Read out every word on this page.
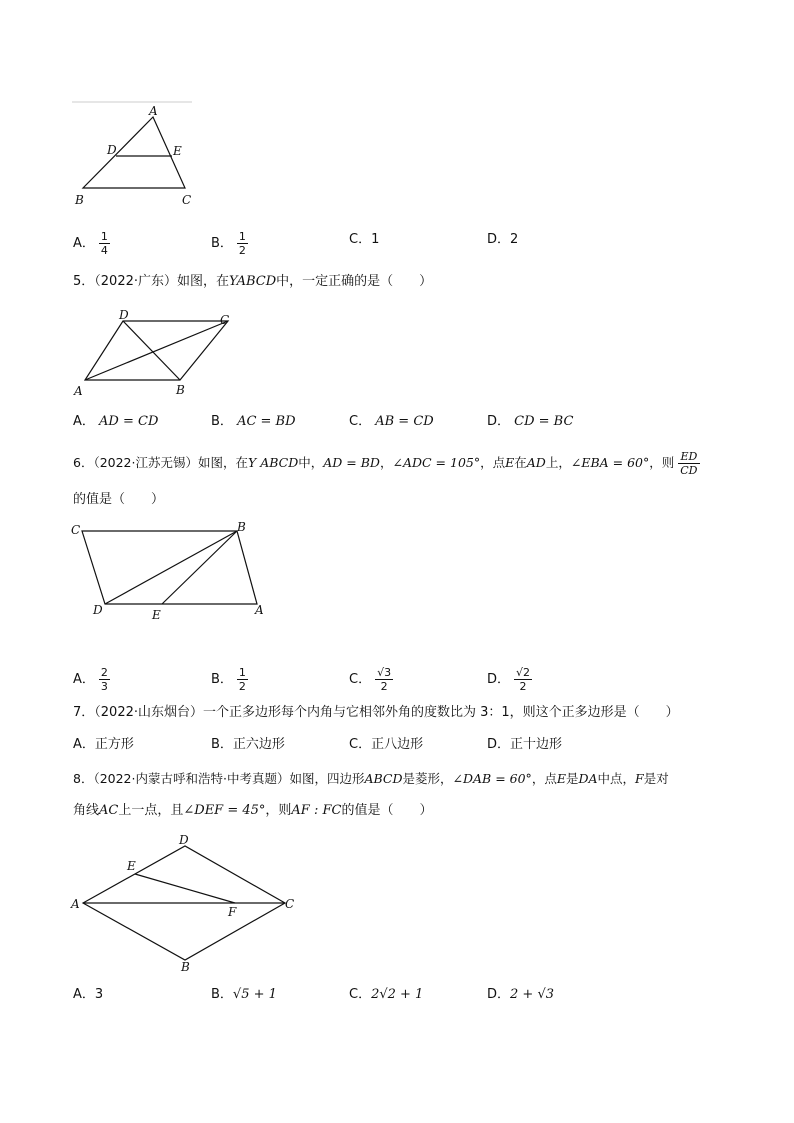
A
D	E
B	C
A． $\frac{1}{4}$	B． $\frac{1}{2}$	C．1	D．2
5．（2022·广东）如图，在YABCD中，一定正确的是（　　）
D	C
A	B
A． AD = CD	B． AC = BD	C． AB = CD	D． CD = BC
6．（2022·江苏无锡）如图，在Y ABCD中，AD = BD，∠ADC = 105°，点E在AD上，∠EBA = 60°，则 $\frac{ED}{CD}$
的值是（　　）
C	B
D	E	A
A． $\frac{2}{3}$	B． $\frac{1}{2}$	C． $\frac{√3}{2}$	D． $\frac{√2}{2}$
7．（2022·山东烟台）一个正多边形每个内角与它相邻外角的度数比为 3：1，则这个正多边形是（　　）
A．正方形	B．正六边形	C．正八边形	D．正十边形
8．（2022·内蒙古呼和浩特·中考真题）如图，四边形ABCD是菱形，∠DAB = 60°，点E是DA中点，F是对
角线AC上一点，且∠DEF = 45°，则AF : FC的值是（　　）
D
E
A
F
C
B
A．3	B．√5 + 1	C．2√2 + 1	D．2 + √3
